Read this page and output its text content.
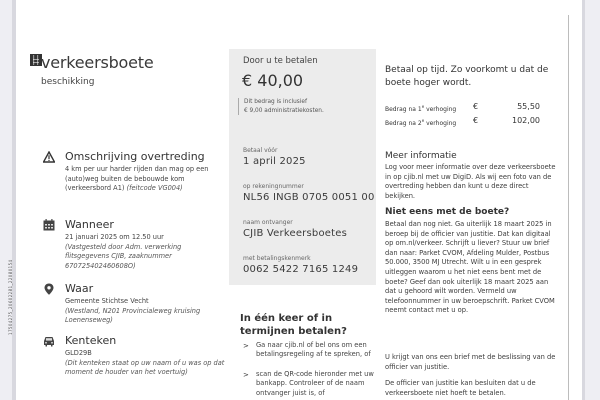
17504275_20602281_22080154
verkeersboete
beschikking
Omschrijving overtreding
4 km per uur harder rijden dan mag op een (auto)weg buiten de bebouwde kom (verkeersbord A1) (feitcode VG004)
Wanneer
21 januari 2025 om 12.50 uur
(Vastgesteld door Adm. verwerking flitsgegevens CJIB, zaaknummer 670725402460608O)
Waar
Gemeente Stichtse Vecht
(Westland, N201 Provincialeweg kruising Loenenseweg)
Kenteken
GLD29B
(Dit kenteken staat op uw naam of u was op dat moment de houder van het voertuig)
Door u te betalen
€ 40,00
Dit bedrag is inclusief
€ 9,00 administratiekosten.
Betaal vóór
1 april 2025
op rekeningnummer
NL56 INGB 0705 0051 00
naam ontvanger
CJIB Verkeersboetes
met betalingskenmerk
0062 5422 7165 1249
In één keer of in termijnen betalen?
> Ga naar cjib.nl of bel ons om een betalingsregeling af te spreken, of
> scan de QR-code hieronder met uw bankapp. Controleer of de naam ontvanger juist is, of
Betaal op tijd. Zo voorkomt u dat de boete hoger wordt.
Bedrag na 1e verhoging €	55,50
Bedrag na 2e verhoging €	102,00
Meer informatie
Log voor meer informatie over deze verkeersboete in op cjib.nl met uw DigiD. Als wij een foto van de overtreding hebben dan kunt u deze direct bekijken.
Niet eens met de boete?
Betaal dan nog niet. Ga uiterlijk 18 maart 2025 in beroep bij de officier van justitie. Dat kan digitaal op om.nl/verkeer. Schrijft u liever? Stuur uw brief dan naar: Parket CVOM, Afdeling Mulder, Postbus 50.000, 3500 MJ Utrecht. Wilt u in een gesprek uitleggen waarom u het niet eens bent met de boete? Geef dan ook uiterlijk 18 maart 2025 aan dat u gehoord wilt worden. Vermeld uw telefoonnummer in uw beroepschrift. Parket CVOM neemt contact met u op.
U krijgt van ons een brief met de beslissing van de officier van justitie.
De officier van justitie kan besluiten dat u de verkeersboete niet hoeft te betalen.
